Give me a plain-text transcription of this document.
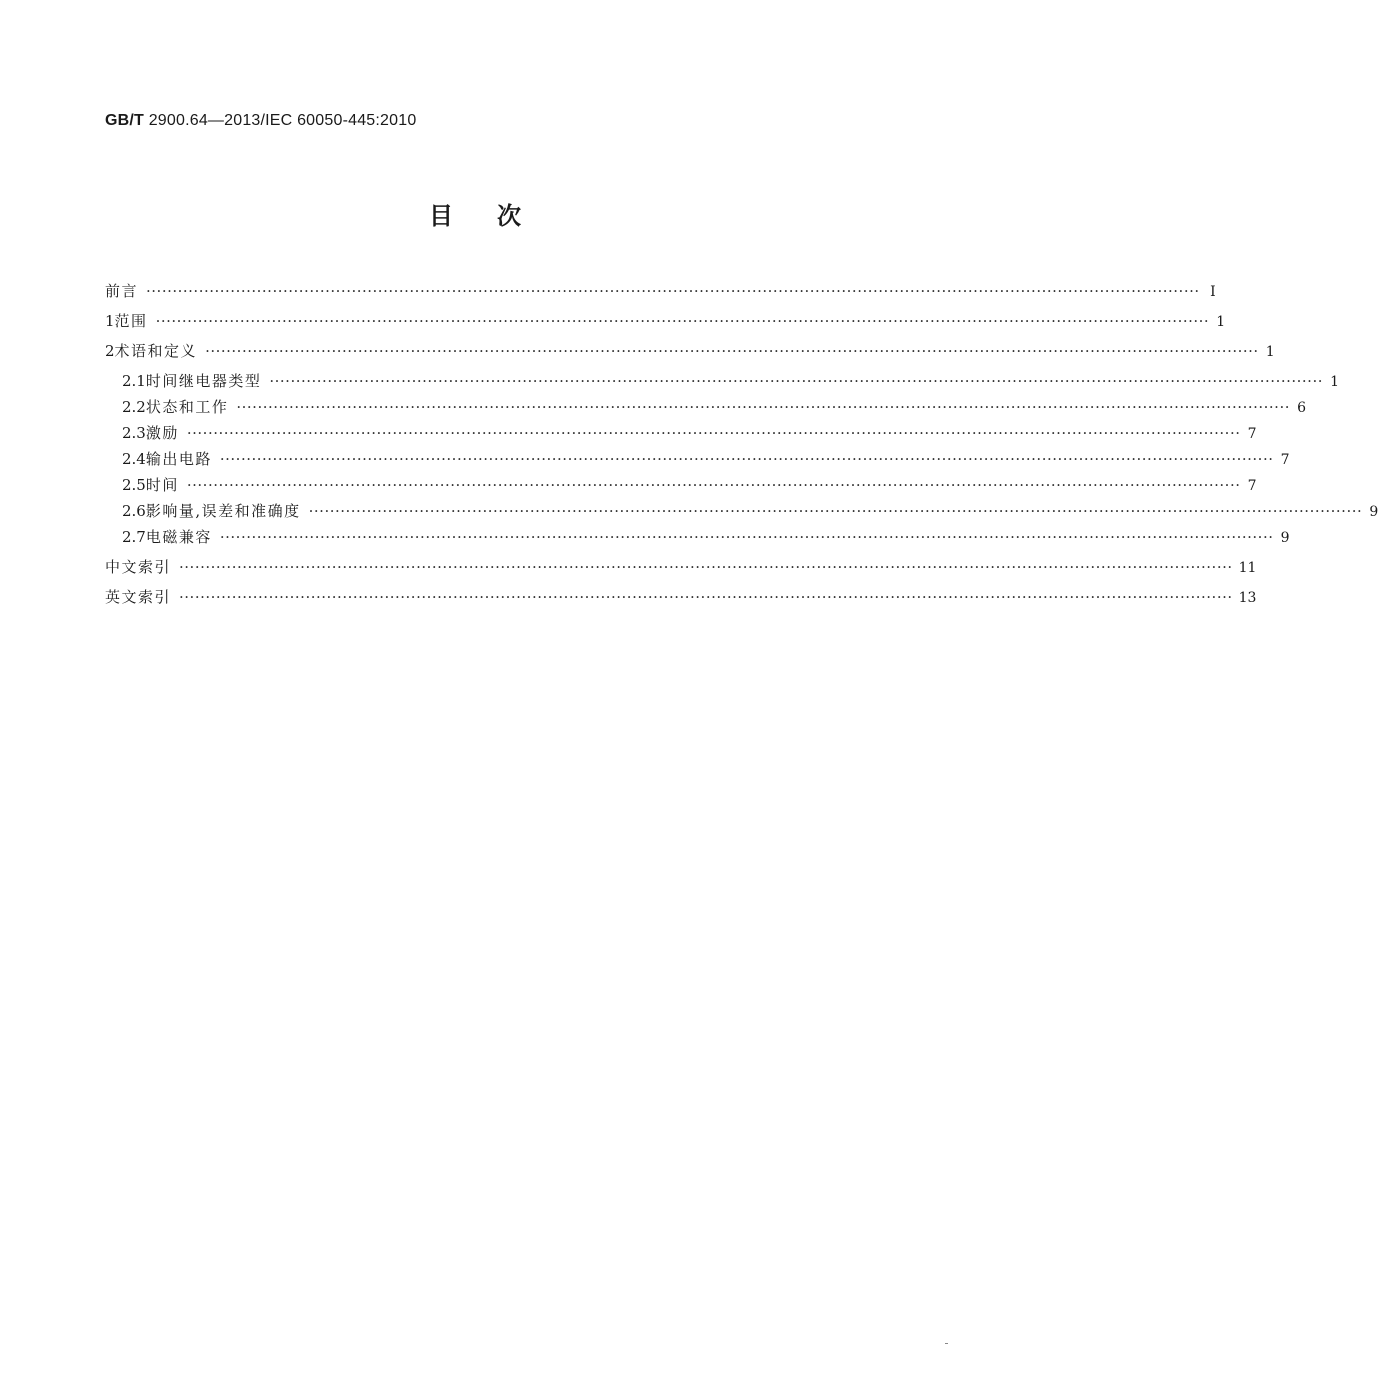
GB/T 2900.64—2013/IEC 60050-445:2010
目次
前言 ········································································································································································································ Ⅰ
1 范围 ········································································································································································································ 1
2 术语和定义 ········································································································································································································ 1
2.1 时间继电器类型 ········································································································································································································ 1
2.2 状态和工作 ········································································································································································································ 6
2.3 激励 ········································································································································································································ 7
2.4 输出电路 ········································································································································································································ 7
2.5 时间 ········································································································································································································ 7
2.6 影响量,误差和准确度 ········································································································································································································ 9
2.7 电磁兼容 ········································································································································································································ 9
中文索引 ········································································································································································································ 11
英文索引 ········································································································································································································ 13
